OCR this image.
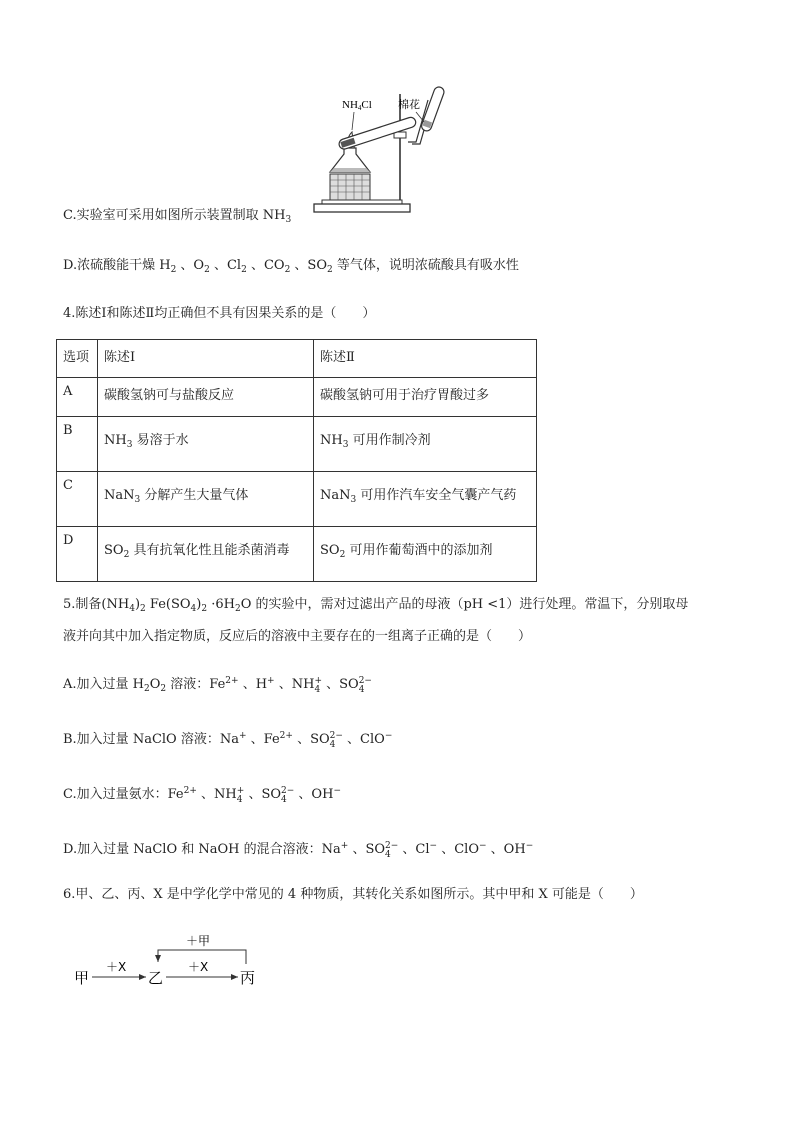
NH4Cl 棉花
C.实验室可采用如图所示装置制取 $NH_3$
D.浓硫酸能干燥 $H_2$ 、$O_2$ 、$Cl_2$ 、$CO_2$ 、$SO_2$ 等气体，说明浓硫酸具有吸水性
4.陈述Ⅰ和陈述Ⅱ均正确但不具有因果关系的是（　　）
选项	陈述Ⅰ	陈述Ⅱ
A	碳酸氢钠可与盐酸反应	碳酸氢钠可用于治疗胃酸过多
B	$NH_3$ 易溶于水	$NH_3$ 可用作制冷剂
C	NaN$_3$ 分解产生大量气体	NaN$_3$ 可用作汽车安全气囊产气药
D	$SO_2$ 具有抗氧化性且能杀菌消毒	$SO_2$ 可用作葡萄酒中的添加剂
5.制备$(NH_4)_2$ $Fe(SO_4)_2 \cdot 6H_2O$ 的实验中，需对过滤出产品的母液（pH <1）进行处理。常温下，分别取母
液并向其中加入指定物质，反应后的溶液中主要存在的一组离子正确的是（　　）
A.加入过量 $H_2O_2$ 溶液：$Fe^{2+}$ 、H+ 、NH +
4 、SO 2−
4
B.加入过量 NaClO 溶液：Na+ 、$Fe^{2+}$ 、SO 2−
4 、ClO−
C.加入过量氨水：$Fe^{2+}$ 、NH +
4 、SO 2−
4 、OH−
D.加入过量 NaClO 和 NaOH 的混合溶液：Na+ 、SO 2−
4 、Cl− 、ClO− 、OH−
6.甲、乙、丙、X 是中学化学中常见的 4 种物质，其转化关系如图所示。其中甲和 X 可能是（　　）
甲	乙	丙
＋X	＋X
＋甲
